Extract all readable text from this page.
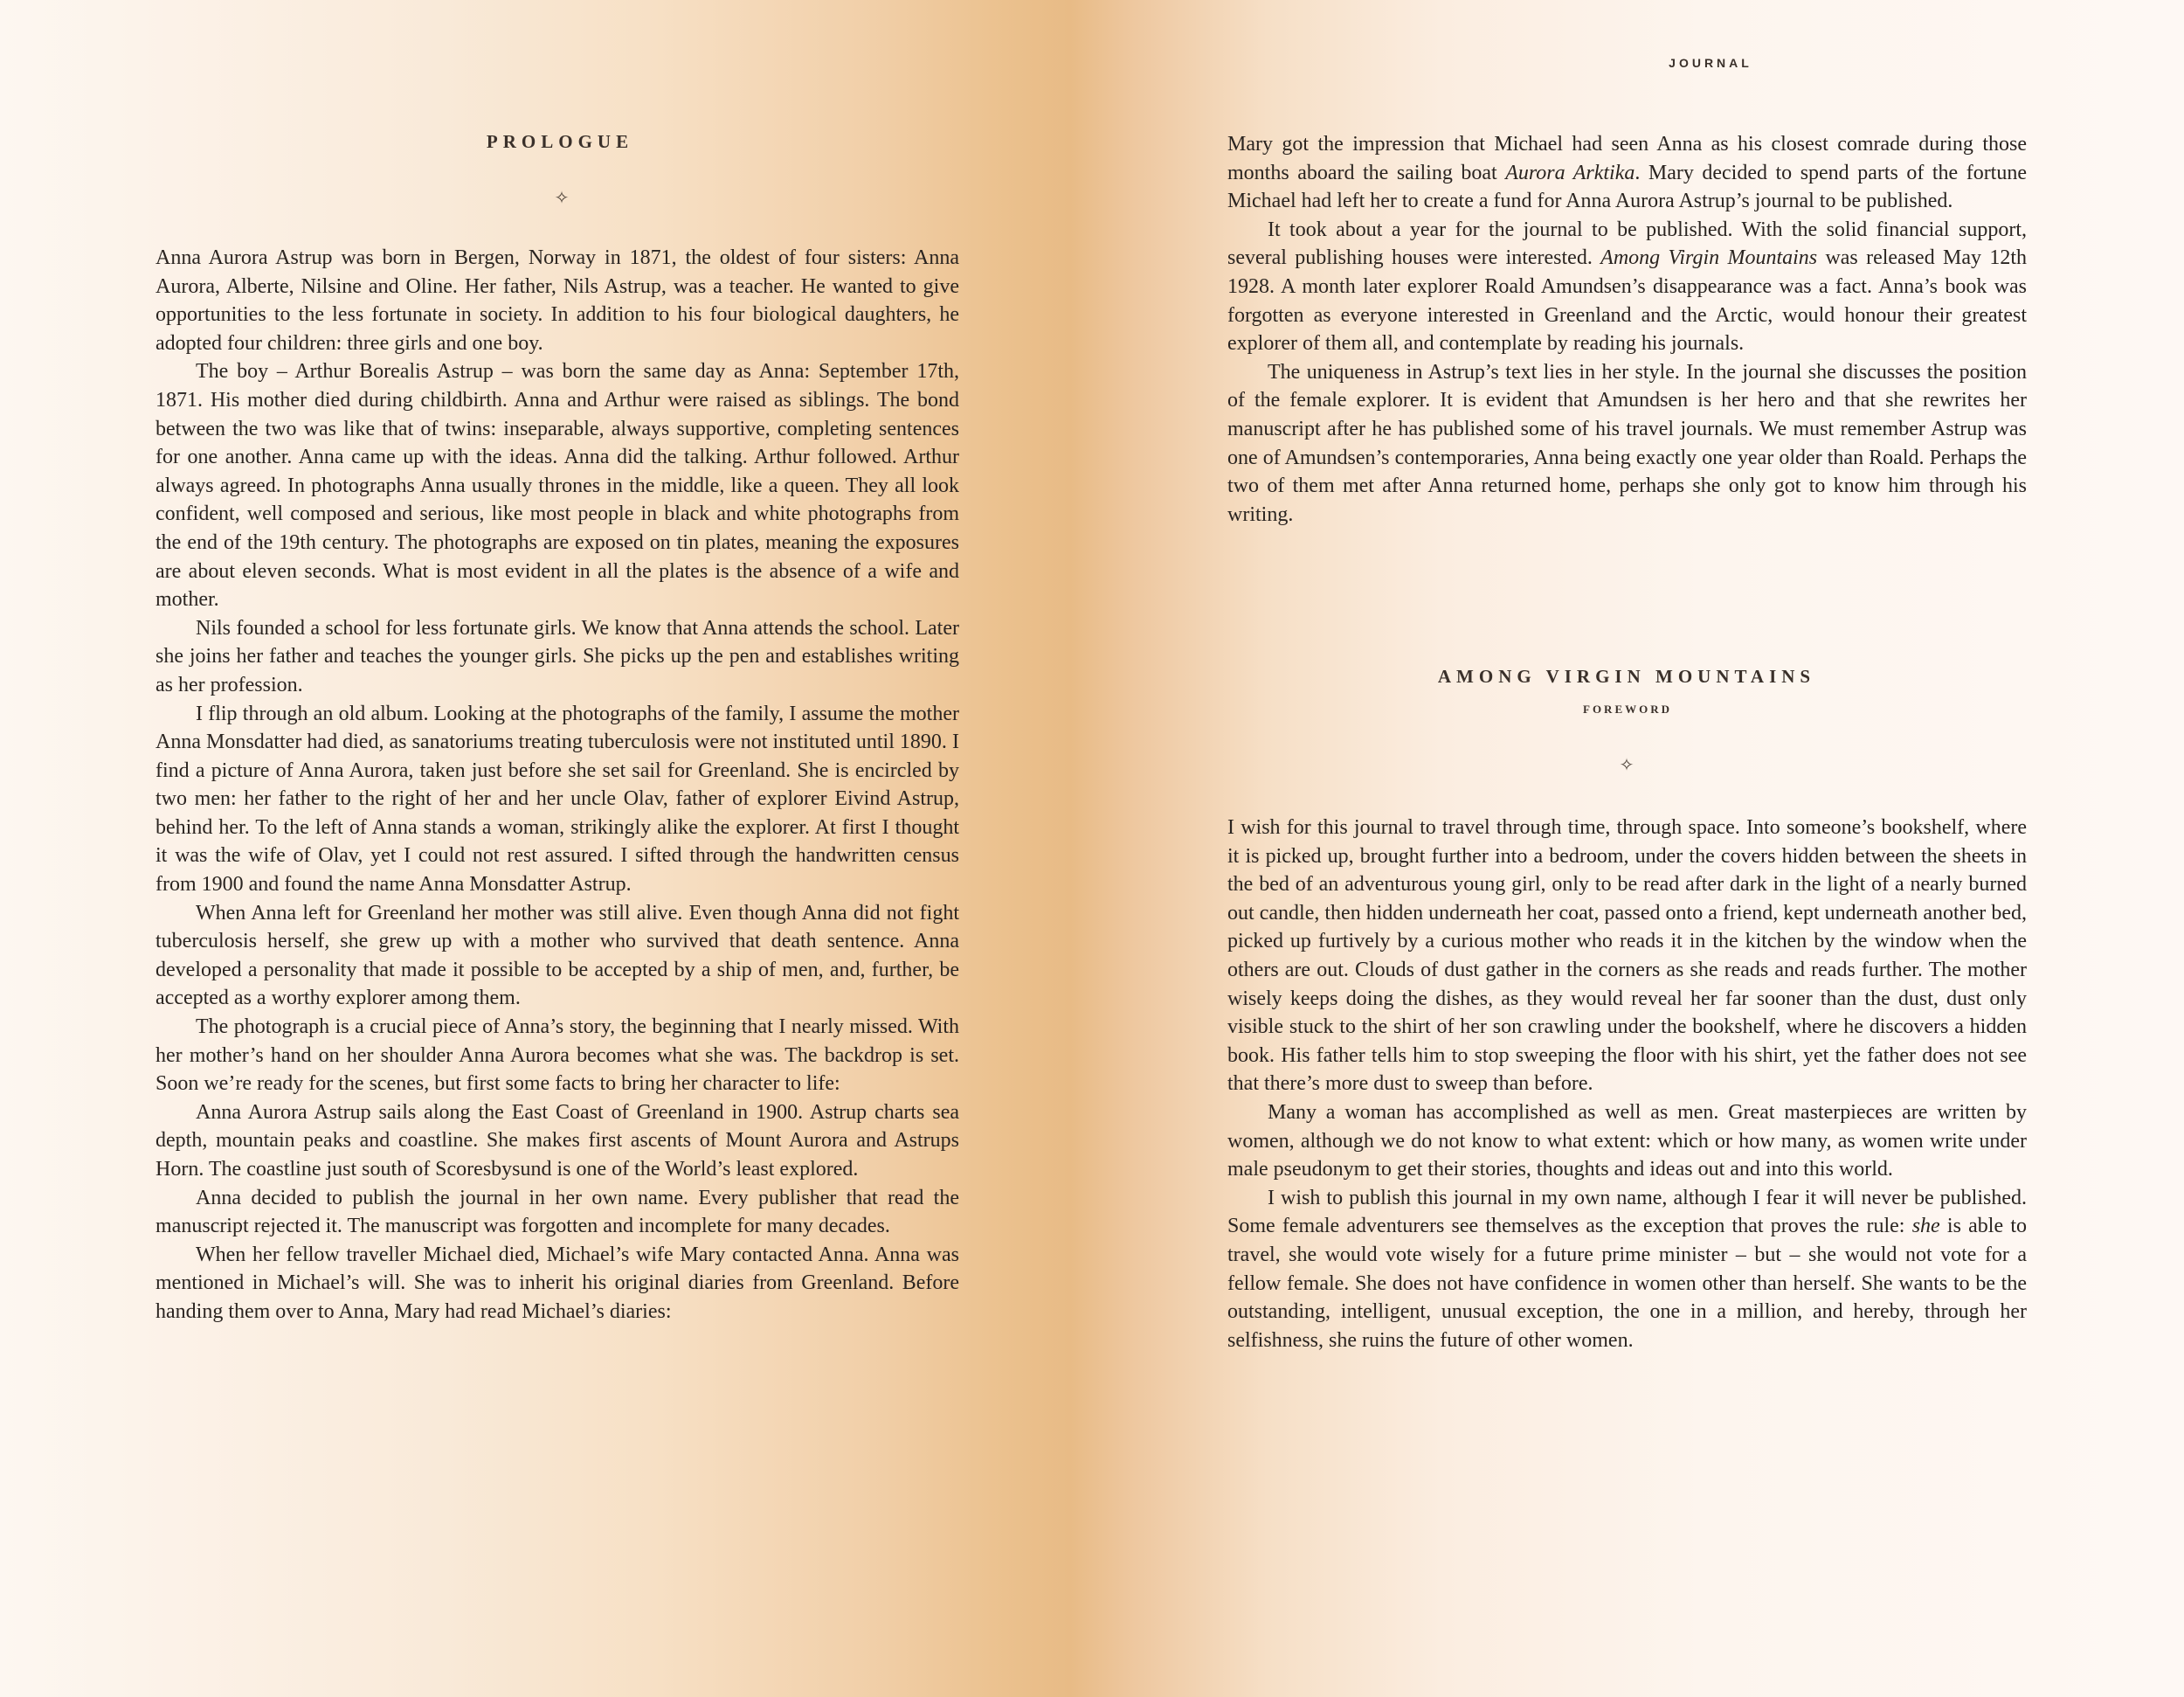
PROLOGUE
✧

Anna Aurora Astrup was born in Bergen, Norway in 1871, the oldest of four sisters: Anna Aurora, Alberte, Nilsine and Oline. Her father, Nils Astrup, was a teacher. He wanted to give opportunities to the less fortunate in society. In addition to his four biological daughters, he adopted four children: three girls and one boy.

The boy – Arthur Borealis Astrup – was born the same day as Anna: September 17th, 1871. His mother died during childbirth. Anna and Arthur were raised as siblings. The bond between the two was like that of twins: inseparable, always supportive, completing sentences for one another. Anna came up with the ideas. Anna did the talking. Arthur followed. Arthur always agreed. In photographs Anna usually thrones in the middle, like a queen. They all look confident, well composed and serious, like most people in black and white photographs from the end of the 19th century. The photographs are exposed on tin plates, meaning the exposures are about eleven seconds. What is most evident in all the plates is the absence of a wife and mother.

Nils founded a school for less fortunate girls. We know that Anna attends the school. Later she joins her father and teaches the younger girls. She picks up the pen and establishes writing as her profession.

I flip through an old album. Looking at the photographs of the family, I assume the mother Anna Monsdatter had died, as sanatoriums treating tuberculosis were not instituted until 1890. I find a picture of Anna Aurora, taken just before she set sail for Greenland. She is encircled by two men: her father to the right of her and her uncle Olav, father of explorer Eivind Astrup, behind her. To the left of Anna stands a woman, strikingly alike the explorer. At first I thought it was the wife of Olav, yet I could not rest assured. I sifted through the handwritten census from 1900 and found the name Anna Monsdatter Astrup.

When Anna left for Greenland her mother was still alive. Even though Anna did not fight tuberculosis herself, she grew up with a mother who survived that death sentence. Anna developed a personality that made it possible to be accepted by a ship of men, and, further, be accepted as a worthy explorer among them.

The photograph is a crucial piece of Anna’s story, the beginning that I nearly missed. With her mother’s hand on her shoulder Anna Aurora becomes what she was. The backdrop is set. Soon we’re ready for the scenes, but first some facts to bring her character to life:

Anna Aurora Astrup sails along the East Coast of Greenland in 1900. Astrup charts sea depth, mountain peaks and coastline. She makes first ascents of Mount Aurora and Astrups Horn. The coastline just south of Scoresbysund is one of the World’s least explored.

Anna decided to publish the journal in her own name. Every publisher that read the manuscript rejected it. The manuscript was forgotten and incomplete for many decades.

When her fellow traveller Michael died, Michael’s wife Mary contacted Anna. Anna was mentioned in Michael’s will. She was to inherit his original diaries from Greenland. Before handing them over to Anna, Mary had read Michael’s diaries:

JOURNAL

Mary got the impression that Michael had seen Anna as his closest comrade during those months aboard the sailing boat Aurora Arktika. Mary decided to spend parts of the fortune Michael had left her to create a fund for Anna Aurora Astrup’s journal to be published.

It took about a year for the journal to be published. With the solid financial support, several publishing houses were interested. Among Virgin Mountains was released May 12th 1928. A month later explorer Roald Amundsen’s disappearance was a fact. Anna’s book was forgotten as everyone interested in Greenland and the Arctic, would honour their greatest explorer of them all, and contemplate by reading his journals.

The uniqueness in Astrup’s text lies in her style. In the journal she discusses the position of the female explorer. It is evident that Amundsen is her hero and that she rewrites her manuscript after he has published some of his travel journals. We must remember Astrup was one of Amundsen’s contemporaries, Anna being exactly one year older than Roald. Perhaps the two of them met after Anna returned home, perhaps she only got to know him through his writing.

AMONG VIRGIN MOUNTAINS
FOREWORD
✧

I wish for this journal to travel through time, through space. Into someone’s bookshelf, where it is picked up, brought further into a bedroom, under the covers hidden between the sheets in the bed of an adventurous young girl, only to be read after dark in the light of a nearly burned out candle, then hidden underneath her coat, passed onto a friend, kept underneath another bed, picked up furtively by a curious mother who reads it in the kitchen by the window when the others are out. Clouds of dust gather in the corners as she reads and reads further. The mother wisely keeps doing the dishes, as they would reveal her far sooner than the dust, dust only visible stuck to the shirt of her son crawling under the bookshelf, where he discovers a hidden book. His father tells him to stop sweeping the floor with his shirt, yet the father does not see that there’s more dust to sweep than before.

Many a woman has accomplished as well as men. Great masterpieces are written by women, although we do not know to what extent: which or how many, as women write under male pseudonym to get their stories, thoughts and ideas out and into this world.

I wish to publish this journal in my own name, although I fear it will never be published. Some female adventurers see themselves as the exception that proves the rule: she is able to travel, she would vote wisely for a future prime minister – but – she would not vote for a fellow female. She does not have confidence in women other than herself. She wants to be the outstanding, intelligent, unusual exception, the one in a million, and hereby, through her selfishness, she ruins the future of other women.
